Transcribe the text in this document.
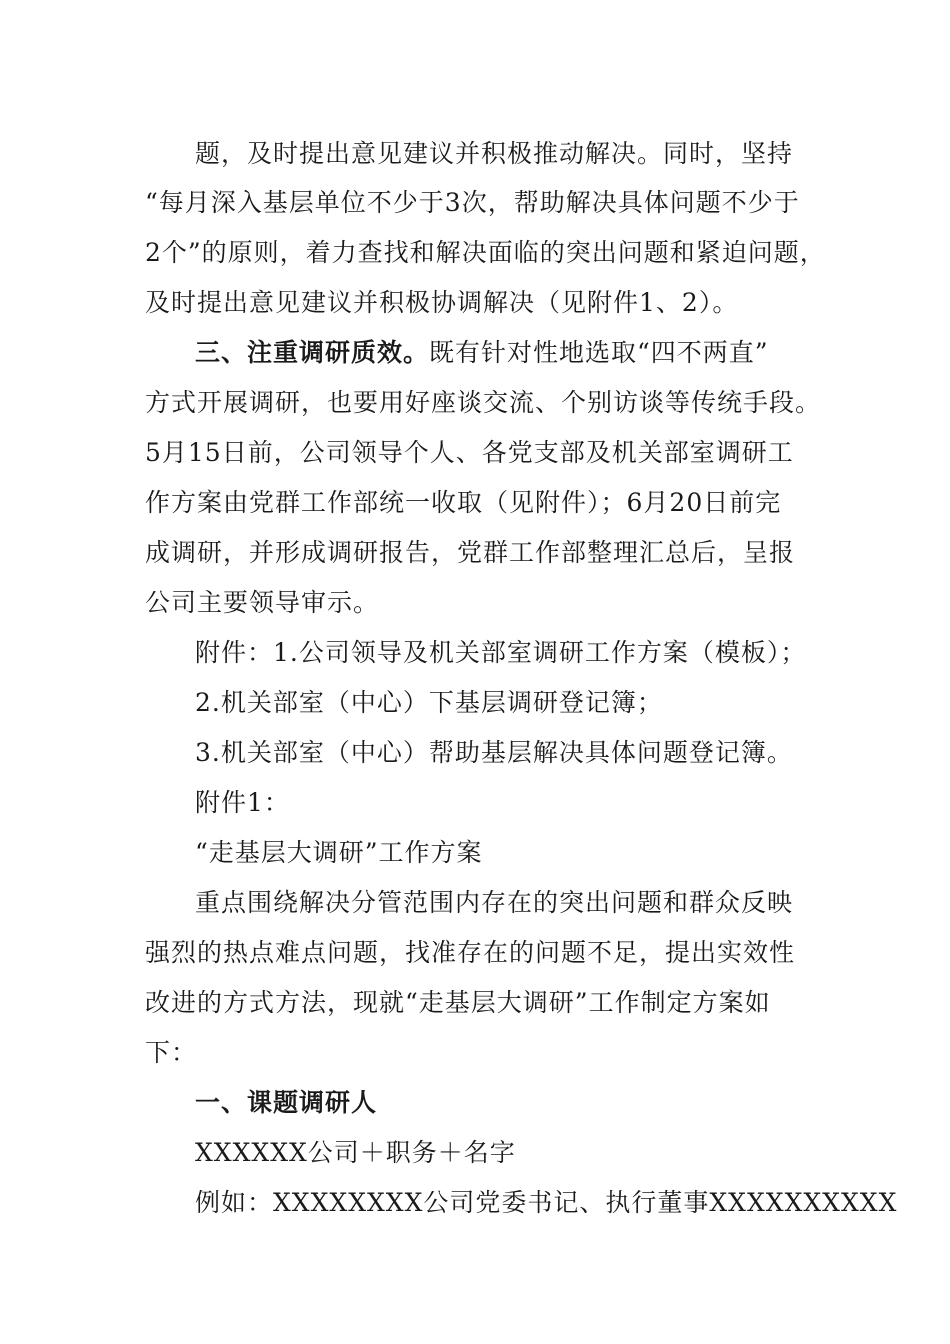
题，及时提出意见建议并积极推动解决。同时，坚持
“每月深入基层单位不少于3次，帮助解决具体问题不少于
2个”的原则，着力查找和解决面临的突出问题和紧迫问题，
及时提出意见建议并积极协调解决（见附件1、2）。
三、注重调研质效。既有针对性地选取“四不两直”
方式开展调研，也要用好座谈交流、个别访谈等传统手段。
5月15日前，公司领导个人、各党支部及机关部室调研工
作方案由党群工作部统一收取（见附件）；6月20日前完
成调研，并形成调研报告，党群工作部整理汇总后，呈报
公司主要领导审示。
附件：1.公司领导及机关部室调研工作方案（模板）；
2.机关部室（中心）下基层调研登记簿；
3.机关部室（中心）帮助基层解决具体问题登记簿。
附件1：
“走基层大调研”工作方案
重点围绕解决分管范围内存在的突出问题和群众反映
强烈的热点难点问题，找准存在的问题不足，提出实效性
改进的方式方法，现就“走基层大调研”工作制定方案如
下：
一、课题调研人
XXXXXX公司＋职务＋名字
例如：XXXXXXXX公司党委书记、执行董事XXXXXXXXXX
